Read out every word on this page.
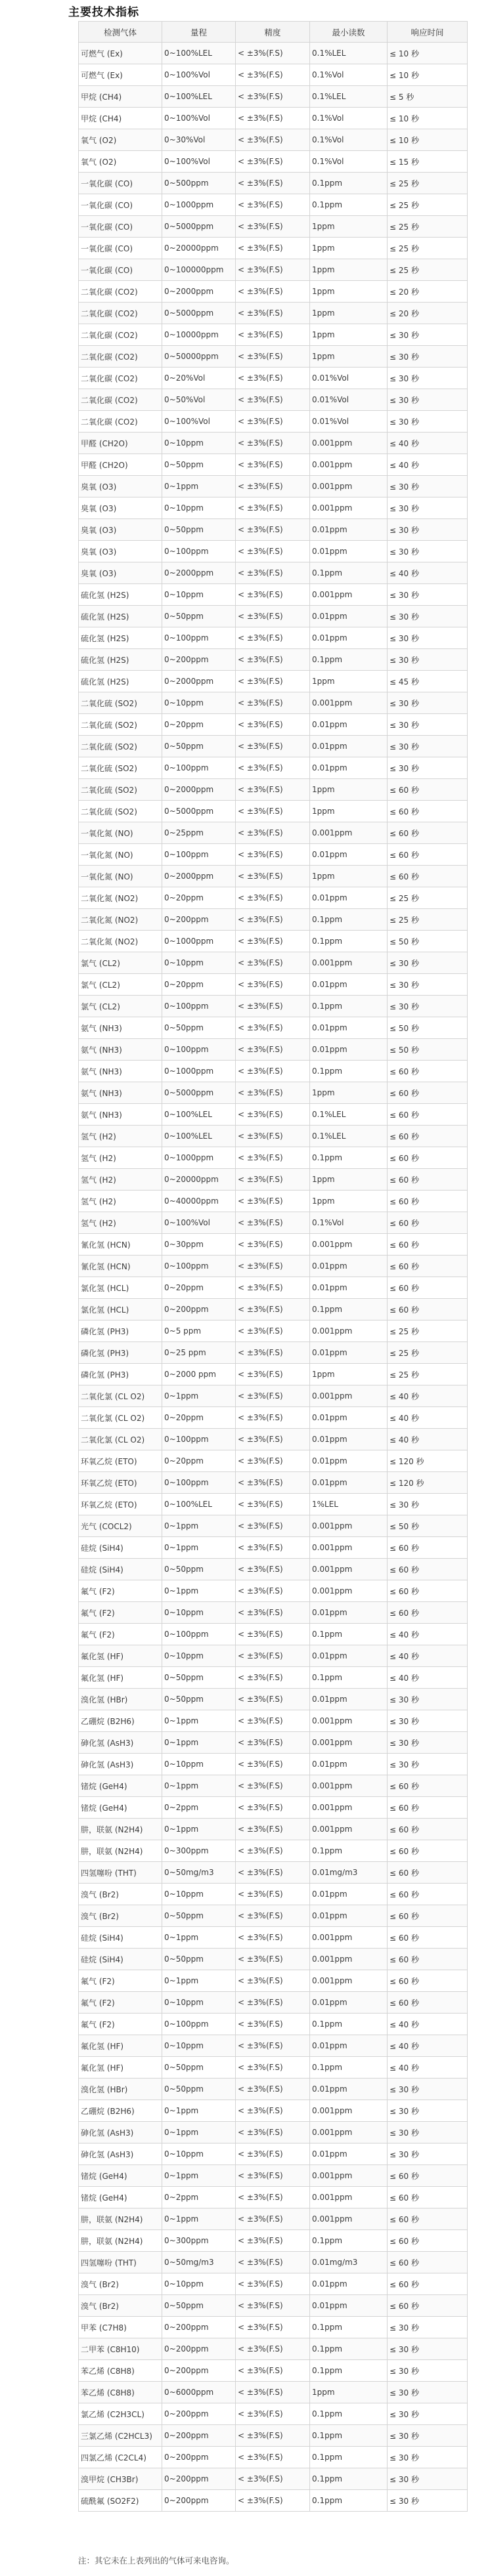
主要技术指标
检测气体	量程	精度	最小读数	响应时间
可燃气 (Ex)	0~100%LEL	< ±3%(F.S)	0.1%LEL	≤ 10 秒
可燃气 (Ex)	0~100%Vol	< ±3%(F.S)	0.1%Vol	≤ 10 秒
甲烷 (CH4)	0~100%LEL	< ±3%(F.S)	0.1%LEL	≤ 5 秒
甲烷 (CH4)	0~100%Vol	< ±3%(F.S)	0.1%Vol	≤ 10 秒
氧气 (O2)	0~30%Vol	< ±3%(F.S)	0.1%Vol	≤ 10 秒
氧气 (O2)	0~100%Vol	< ±3%(F.S)	0.1%Vol	≤ 15 秒
一氧化碳 (CO)	0~500ppm	< ±3%(F.S)	0.1ppm	≤ 25 秒
一氧化碳 (CO)	0~1000ppm	< ±3%(F.S)	0.1ppm	≤ 25 秒
一氧化碳 (CO)	0~5000ppm	< ±3%(F.S)	1ppm	≤ 25 秒
一氧化碳 (CO)	0~20000ppm	< ±3%(F.S)	1ppm	≤ 25 秒
一氧化碳 (CO)	0~100000ppm	< ±3%(F.S)	1ppm	≤ 25 秒
二氧化碳 (CO2)	0~2000ppm	< ±3%(F.S)	1ppm	≤ 20 秒
二氧化碳 (CO2)	0~5000ppm	< ±3%(F.S)	1ppm	≤ 20 秒
二氧化碳 (CO2)	0~10000ppm	< ±3%(F.S)	1ppm	≤ 30 秒
二氧化碳 (CO2)	0~50000ppm	< ±3%(F.S)	1ppm	≤ 30 秒
二氧化碳 (CO2)	0~20%Vol	< ±3%(F.S)	0.01%Vol	≤ 30 秒
二氧化碳 (CO2)	0~50%Vol	< ±3%(F.S)	0.01%Vol	≤ 30 秒
二氧化碳 (CO2)	0~100%Vol	< ±3%(F.S)	0.01%Vol	≤ 30 秒
甲醛 (CH2O)	0~10ppm	< ±3%(F.S)	0.001ppm	≤ 40 秒
甲醛 (CH2O)	0~50ppm	< ±3%(F.S)	0.001ppm	≤ 40 秒
臭氧 (O3)	0~1ppm	< ±3%(F.S)	0.001ppm	≤ 30 秒
臭氧 (O3)	0~10ppm	< ±3%(F.S)	0.001ppm	≤ 30 秒
臭氧 (O3)	0~50ppm	< ±3%(F.S)	0.01ppm	≤ 30 秒
臭氧 (O3)	0~100ppm	< ±3%(F.S)	0.01ppm	≤ 30 秒
臭氧 (O3)	0~2000ppm	< ±3%(F.S)	0.1ppm	≤ 40 秒
硫化氢 (H2S)	0~10ppm	< ±3%(F.S)	0.001ppm	≤ 30 秒
硫化氢 (H2S)	0~50ppm	< ±3%(F.S)	0.01ppm	≤ 30 秒
硫化氢 (H2S)	0~100ppm	< ±3%(F.S)	0.01ppm	≤ 30 秒
硫化氢 (H2S)	0~200ppm	< ±3%(F.S)	0.1ppm	≤ 30 秒
硫化氢 (H2S)	0~2000ppm	< ±3%(F.S)	1ppm	≤ 45 秒
二氧化硫 (SO2)	0~10ppm	< ±3%(F.S)	0.001ppm	≤ 30 秒
二氧化硫 (SO2)	0~20ppm	< ±3%(F.S)	0.01ppm	≤ 30 秒
二氧化硫 (SO2)	0~50ppm	< ±3%(F.S)	0.01ppm	≤ 30 秒
二氧化硫 (SO2)	0~100ppm	< ±3%(F.S)	0.01ppm	≤ 30 秒
二氧化硫 (SO2)	0~2000ppm	< ±3%(F.S)	1ppm	≤ 60 秒
二氧化硫 (SO2)	0~5000ppm	< ±3%(F.S)	1ppm	≤ 60 秒
一氧化氮 (NO)	0~25ppm	< ±3%(F.S)	0.001ppm	≤ 60 秒
一氧化氮 (NO)	0~100ppm	< ±3%(F.S)	0.01ppm	≤ 60 秒
一氧化氮 (NO)	0~2000ppm	< ±3%(F.S)	1ppm	≤ 60 秒
二氧化氮 (NO2)	0~20ppm	< ±3%(F.S)	0.01ppm	≤ 25 秒
二氧化氮 (NO2)	0~200ppm	< ±3%(F.S)	0.1ppm	≤ 25 秒
二氧化氮 (NO2)	0~1000ppm	< ±3%(F.S)	0.1ppm	≤ 50 秒
氯气 (CL2)	0~10ppm	< ±3%(F.S)	0.001ppm	≤ 30 秒
氯气 (CL2)	0~20ppm	< ±3%(F.S)	0.01ppm	≤ 30 秒
氯气 (CL2)	0~100ppm	< ±3%(F.S)	0.1ppm	≤ 30 秒
氨气 (NH3)	0~50ppm	< ±3%(F.S)	0.01ppm	≤ 50 秒
氨气 (NH3)	0~100ppm	< ±3%(F.S)	0.01ppm	≤ 50 秒
氨气 (NH3)	0~1000ppm	< ±3%(F.S)	0.1ppm	≤ 60 秒
氨气 (NH3)	0~5000ppm	< ±3%(F.S)	1ppm	≤ 60 秒
氨气 (NH3)	0~100%LEL	< ±3%(F.S)	0.1%LEL	≤ 60 秒
氢气 (H2)	0~100%LEL	< ±3%(F.S)	0.1%LEL	≤ 60 秒
氢气 (H2)	0~1000ppm	< ±3%(F.S)	0.1ppm	≤ 60 秒
氢气 (H2)	0~20000ppm	< ±3%(F.S)	1ppm	≤ 60 秒
氢气 (H2)	0~40000ppm	< ±3%(F.S)	1ppm	≤ 60 秒
氢气 (H2)	0~100%Vol	< ±3%(F.S)	0.1%Vol	≤ 60 秒
氰化氢 (HCN)	0~30ppm	< ±3%(F.S)	0.001ppm	≤ 60 秒
氰化氢 (HCN)	0~100ppm	< ±3%(F.S)	0.01ppm	≤ 60 秒
氯化氢 (HCL)	0~20ppm	< ±3%(F.S)	0.01ppm	≤ 60 秒
氯化氢 (HCL)	0~200ppm	< ±3%(F.S)	0.1ppm	≤ 60 秒
磷化氢 (PH3)	0~5 ppm	< ±3%(F.S)	0.001ppm	≤ 25 秒
磷化氢 (PH3)	0~25 ppm	< ±3%(F.S)	0.01ppm	≤ 25 秒
磷化氢 (PH3)	0~2000 ppm	< ±3%(F.S)	1ppm	≤ 25 秒
二氧化氯 (CL O2)	0~1ppm	< ±3%(F.S)	0.001ppm	≤ 40 秒
二氧化氯 (CL O2)	0~20ppm	< ±3%(F.S)	0.01ppm	≤ 40 秒
二氧化氯 (CL O2)	0~100ppm	< ±3%(F.S)	0.01ppm	≤ 40 秒
环氧乙烷 (ETO)	0~20ppm	< ±3%(F.S)	0.01ppm	≤ 120 秒
环氧乙烷 (ETO)	0~100ppm	< ±3%(F.S)	0.01ppm	≤ 120 秒
环氧乙烷 (ETO)	0~100%LEL	< ±3%(F.S)	1%LEL	≤ 30 秒
光气 (COCL2)	0~1ppm	< ±3%(F.S)	0.001ppm	≤ 50 秒
硅烷 (SiH4)	0~1ppm	< ±3%(F.S)	0.001ppm	≤ 60 秒
硅烷 (SiH4)	0~50ppm	< ±3%(F.S)	0.001ppm	≤ 60 秒
氟气 (F2)	0~1ppm	< ±3%(F.S)	0.001ppm	≤ 60 秒
氟气 (F2)	0~10ppm	< ±3%(F.S)	0.01ppm	≤ 60 秒
氟气 (F2)	0~100ppm	< ±3%(F.S)	0.1ppm	≤ 40 秒
氟化氢 (HF)	0~10ppm	< ±3%(F.S)	0.01ppm	≤ 40 秒
氟化氢 (HF)	0~50ppm	< ±3%(F.S)	0.1ppm	≤ 40 秒
溴化氢 (HBr)	0~50ppm	< ±3%(F.S)	0.01ppm	≤ 30 秒
乙硼烷 (B2H6)	0~1ppm	< ±3%(F.S)	0.001ppm	≤ 30 秒
砷化氢 (AsH3)	0~1ppm	< ±3%(F.S)	0.001ppm	≤ 30 秒
砷化氢 (AsH3)	0~10ppm	< ±3%(F.S)	0.01ppm	≤ 30 秒
锗烷 (GeH4)	0~1ppm	< ±3%(F.S)	0.001ppm	≤ 60 秒
锗烷 (GeH4)	0~2ppm	< ±3%(F.S)	0.001ppm	≤ 60 秒
肼，联氨 (N2H4)	0~1ppm	< ±3%(F.S)	0.001ppm	≤ 60 秒
肼，联氨 (N2H4)	0~300ppm	< ±3%(F.S)	0.1ppm	≤ 60 秒
四氢噻吩 (THT)	0~50mg/m3	< ±3%(F.S)	0.01mg/m3	≤ 60 秒
溴气 (Br2)	0~10ppm	< ±3%(F.S)	0.01ppm	≤ 60 秒
溴气 (Br2)	0~50ppm	< ±3%(F.S)	0.01ppm	≤ 60 秒
硅烷 (SiH4)	0~1ppm	< ±3%(F.S)	0.001ppm	≤ 60 秒
硅烷 (SiH4)	0~50ppm	< ±3%(F.S)	0.001ppm	≤ 60 秒
氟气 (F2)	0~1ppm	< ±3%(F.S)	0.001ppm	≤ 60 秒
氟气 (F2)	0~10ppm	< ±3%(F.S)	0.01ppm	≤ 60 秒
氟气 (F2)	0~100ppm	< ±3%(F.S)	0.1ppm	≤ 40 秒
氟化氢 (HF)	0~10ppm	< ±3%(F.S)	0.01ppm	≤ 40 秒
氟化氢 (HF)	0~50ppm	< ±3%(F.S)	0.1ppm	≤ 40 秒
溴化氢 (HBr)	0~50ppm	< ±3%(F.S)	0.01ppm	≤ 30 秒
乙硼烷 (B2H6)	0~1ppm	< ±3%(F.S)	0.001ppm	≤ 30 秒
砷化氢 (AsH3)	0~1ppm	< ±3%(F.S)	0.001ppm	≤ 30 秒
砷化氢 (AsH3)	0~10ppm	< ±3%(F.S)	0.01ppm	≤ 30 秒
锗烷 (GeH4)	0~1ppm	< ±3%(F.S)	0.001ppm	≤ 60 秒
锗烷 (GeH4)	0~2ppm	< ±3%(F.S)	0.001ppm	≤ 60 秒
肼，联氨 (N2H4)	0~1ppm	< ±3%(F.S)	0.001ppm	≤ 60 秒
肼，联氨 (N2H4)	0~300ppm	< ±3%(F.S)	0.1ppm	≤ 60 秒
四氢噻吩 (THT)	0~50mg/m3	< ±3%(F.S)	0.01mg/m3	≤ 60 秒
溴气 (Br2)	0~10ppm	< ±3%(F.S)	0.01ppm	≤ 60 秒
溴气 (Br2)	0~50ppm	< ±3%(F.S)	0.01ppm	≤ 60 秒
甲苯 (C7H8)	0~200ppm	< ±3%(F.S)	0.1ppm	≤ 30 秒
二甲苯 (C8H10)	0~200ppm	< ±3%(F.S)	0.1ppm	≤ 30 秒
苯乙烯 (C8H8)	0~200ppm	< ±3%(F.S)	0.1ppm	≤ 30 秒
苯乙烯 (C8H8)	0~6000ppm	< ±3%(F.S)	1ppm	≤ 30 秒
氯乙烯 (C2H3CL)	0~200ppm	< ±3%(F.S)	0.1ppm	≤ 30 秒
三氯乙烯 (C2HCL3)	0~200ppm	< ±3%(F.S)	0.1ppm	≤ 30 秒
四氯乙烯 (C2CL4)	0~200ppm	< ±3%(F.S)	0.1ppm	≤ 30 秒
溴甲烷 (CH3Br)	0~200ppm	< ±3%(F.S)	0.1ppm	≤ 30 秒
硫酰氟 (SO2F2)	0~200ppm	< ±3%(F.S)	0.1ppm	≤ 30 秒
注：其它未在上表列出的气体可来电咨询。
